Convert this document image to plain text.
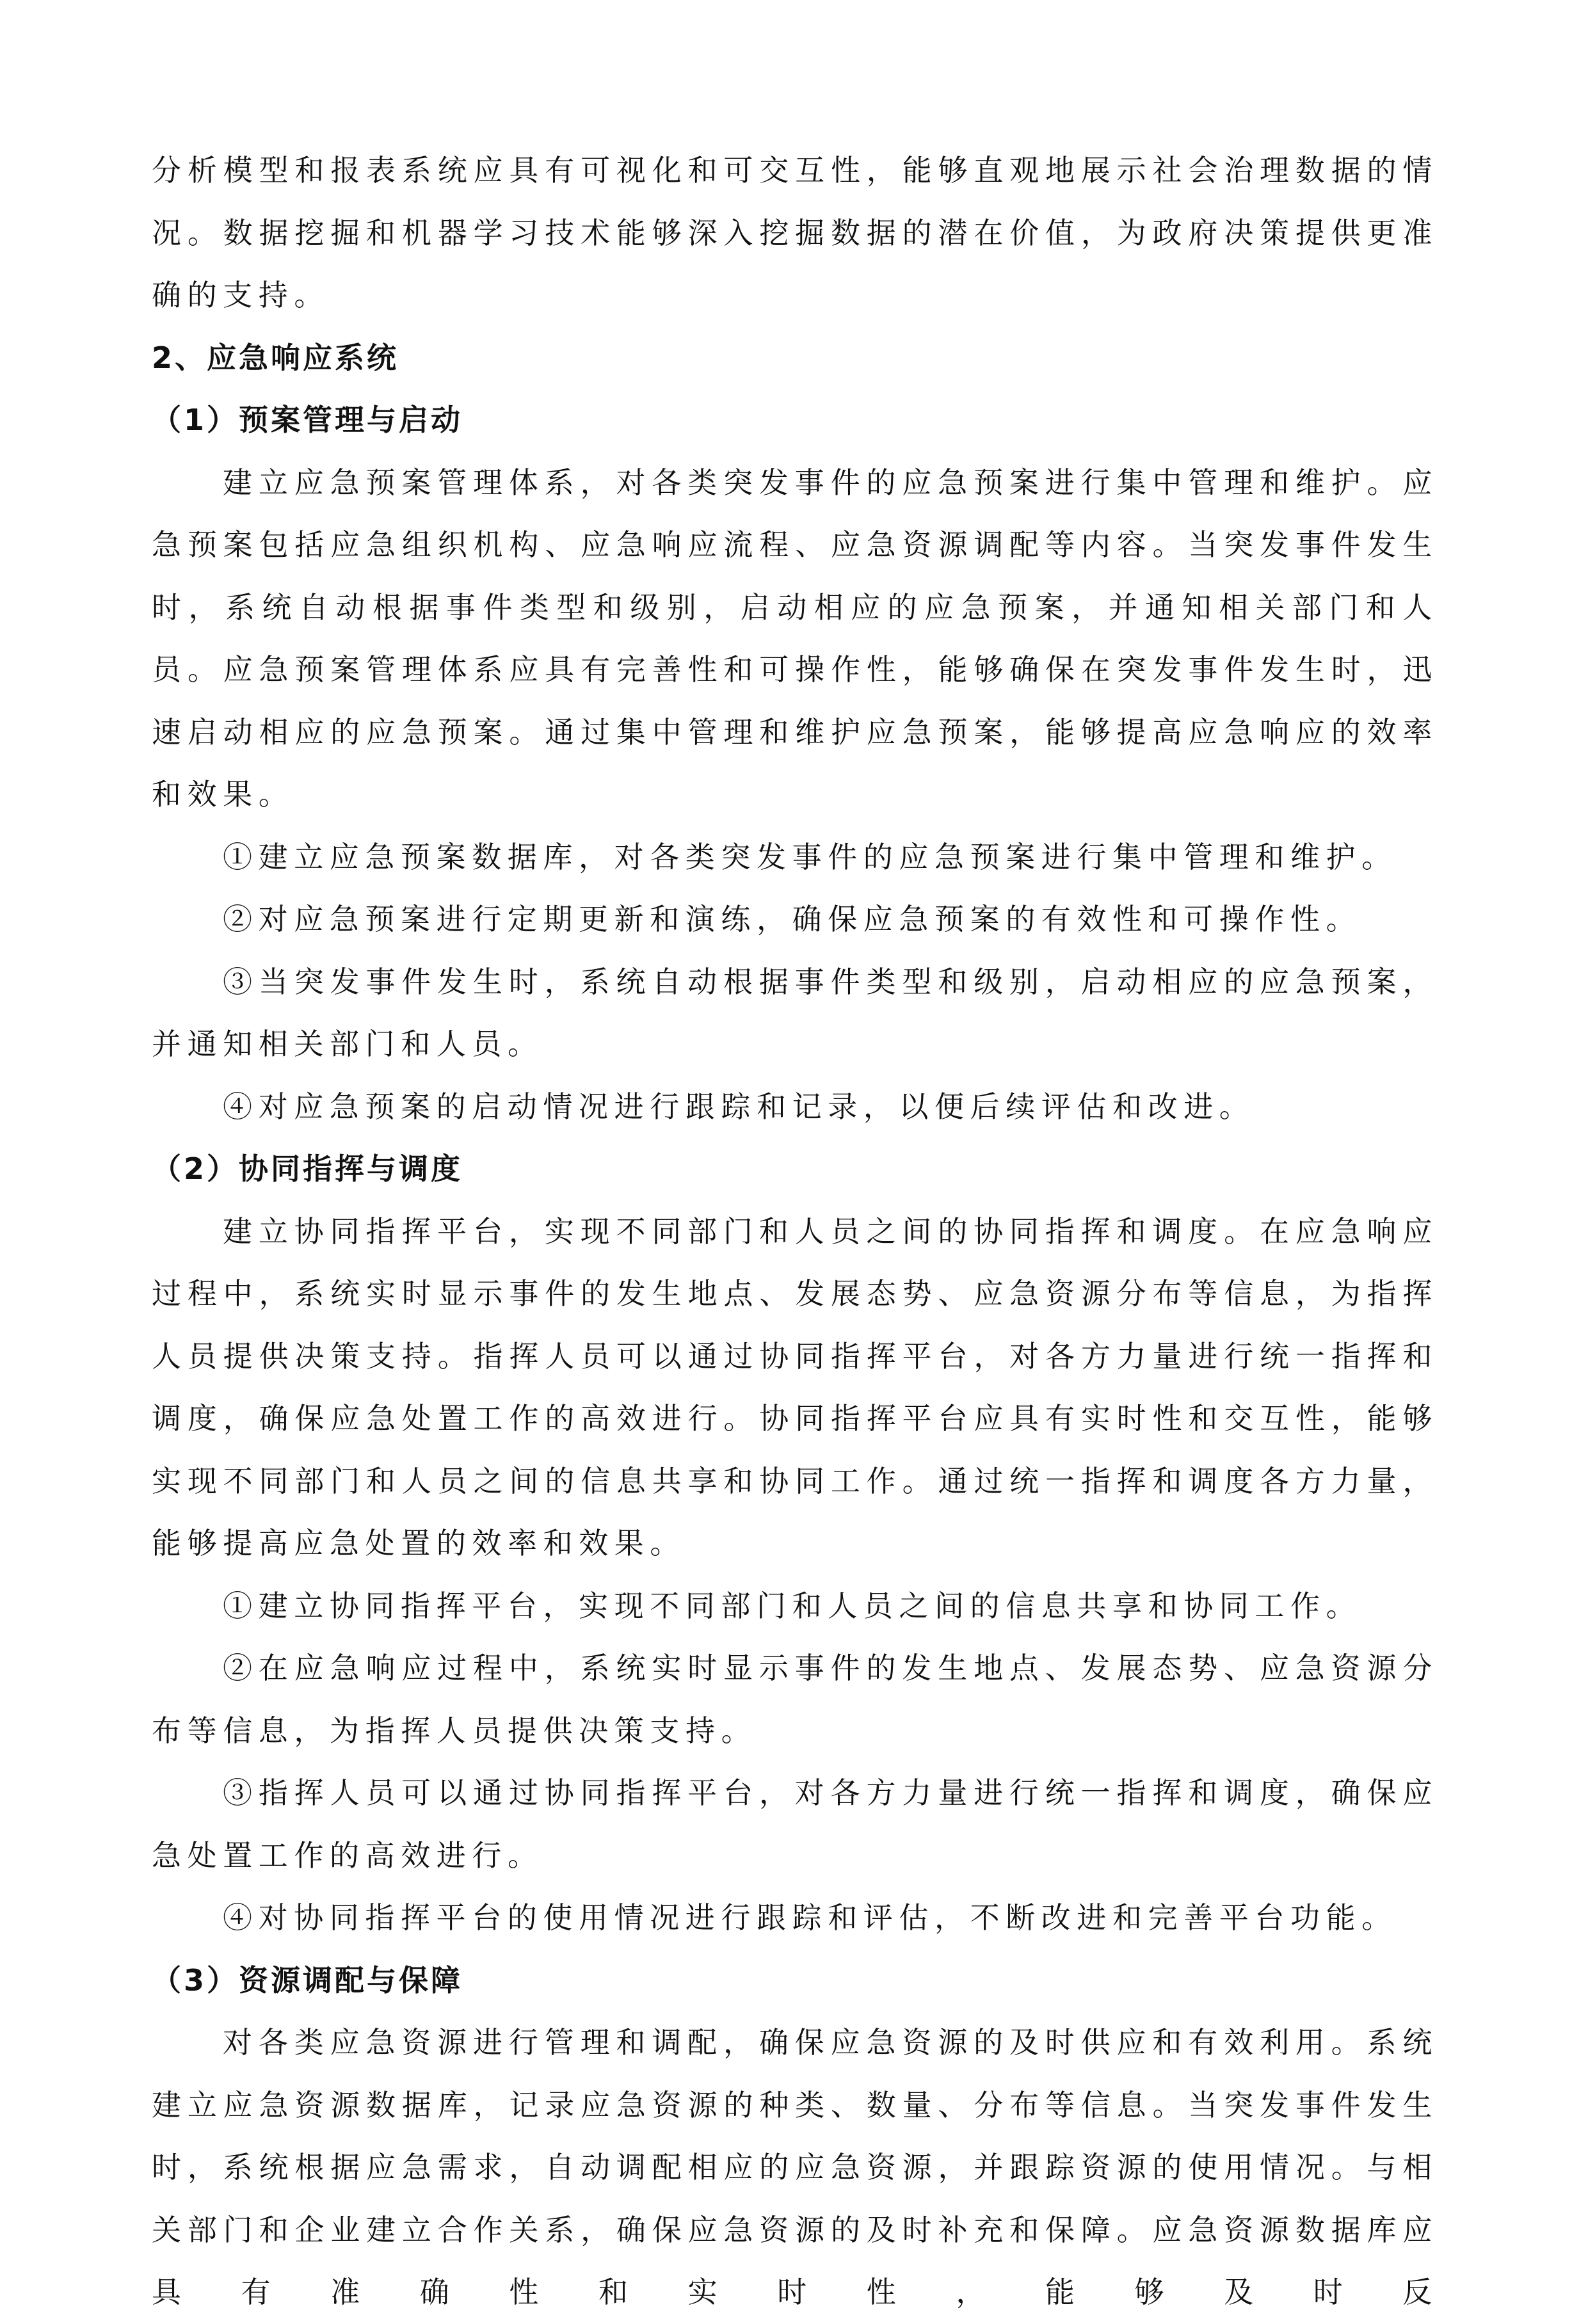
分析模型和报表系统应具有可视化和可交互性，能够直观地展示社会治理数据的情况。数据挖掘和机器学习技术能够深入挖掘数据的潜在价值，为政府决策提供更准确的支持。

2、应急响应系统
（1）预案管理与启动

建立应急预案管理体系，对各类突发事件的应急预案进行集中管理和维护。应急预案包括应急组织机构、应急响应流程、应急资源调配等内容。当突发事件发生时，系统自动根据事件类型和级别，启动相应的应急预案，并通知相关部门和人员。应急预案管理体系应具有完善性和可操作性，能够确保在突发事件发生时，迅速启动相应的应急预案。通过集中管理和维护应急预案，能够提高应急响应的效率和效果。

①建立应急预案数据库，对各类突发事件的应急预案进行集中管理和维护。

②对应急预案进行定期更新和演练，确保应急预案的有效性和可操作性。

③当突发事件发生时，系统自动根据事件类型和级别，启动相应的应急预案，并通知相关部门和人员。

④对应急预案的启动情况进行跟踪和记录，以便后续评估和改进。

（2）协同指挥与调度

建立协同指挥平台，实现不同部门和人员之间的协同指挥和调度。在应急响应过程中，系统实时显示事件的发生地点、发展态势、应急资源分布等信息，为指挥人员提供决策支持。指挥人员可以通过协同指挥平台，对各方力量进行统一指挥和调度，确保应急处置工作的高效进行。协同指挥平台应具有实时性和交互性，能够实现不同部门和人员之间的信息共享和协同工作。通过统一指挥和调度各方力量，能够提高应急处置的效率和效果。

①建立协同指挥平台，实现不同部门和人员之间的信息共享和协同工作。

②在应急响应过程中，系统实时显示事件的发生地点、发展态势、应急资源分布等信息，为指挥人员提供决策支持。

③指挥人员可以通过协同指挥平台，对各方力量进行统一指挥和调度，确保应急处置工作的高效进行。

④对协同指挥平台的使用情况进行跟踪和评估，不断改进和完善平台功能。

（3）资源调配与保障

对各类应急资源进行管理和调配，确保应急资源的及时供应和有效利用。系统建立应急资源数据库，记录应急资源的种类、数量、分布等信息。当突发事件发生时，系统根据应急需求，自动调配相应的应急资源，并跟踪资源的使用情况。与相关部门和企业建立合作关系，确保应急资源的及时补充和保障。应急资源数据库应具有准确性和实时性，能够及时反
